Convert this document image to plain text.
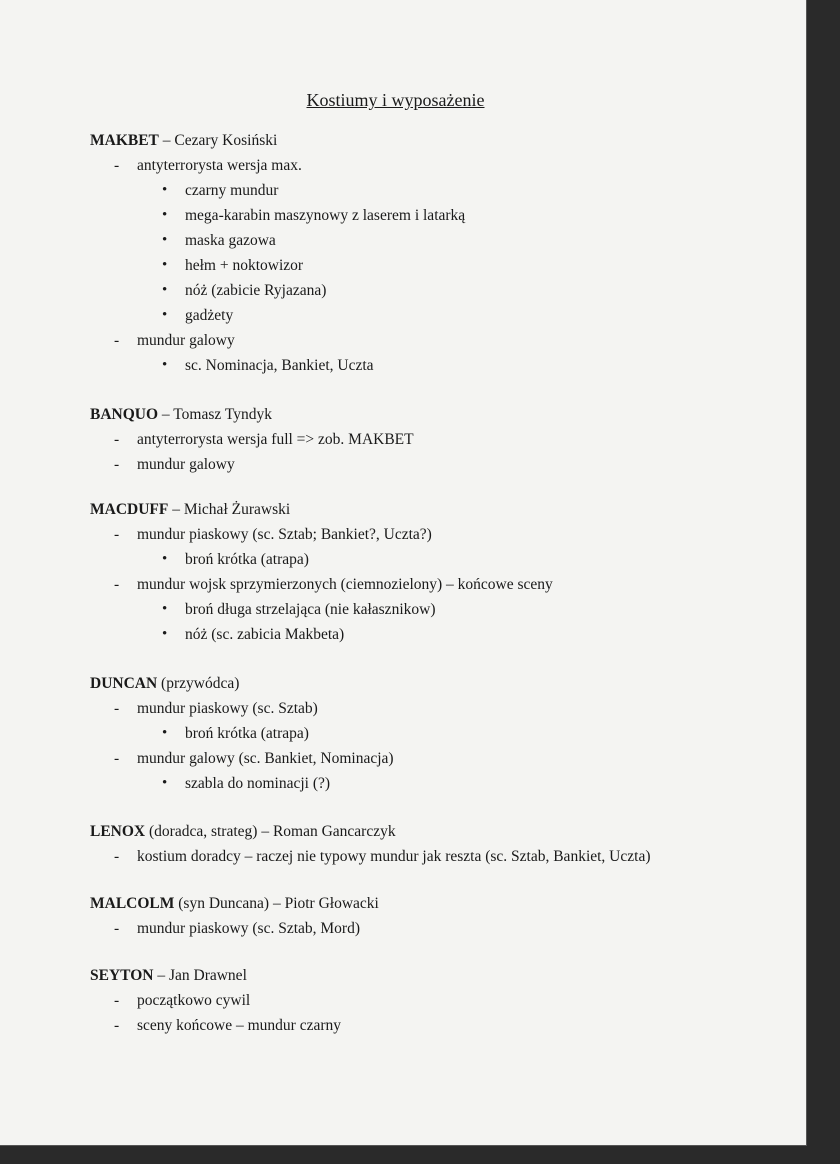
Kostiumy i wyposażenie
MAKBET – Cezary Kosiński
- antyterrorysta wersja max.
• czarny mundur
• mega-karabin maszynowy z laserem i latarką
• maska gazowa
• hełm + noktowizor
• nóż (zabicie Ryjazana)
• gadżety
- mundur galowy
• sc. Nominacja, Bankiet, Uczta
BANQUO – Tomasz Tyndyk
- antyterrorysta wersja full => zob. MAKBET
- mundur galowy
MACDUFF – Michał Żurawski
- mundur piaskowy (sc. Sztab; Bankiet?, Uczta?)
• broń krótka (atrapa)
- mundur wojsk sprzymierzonych (ciemnozielony) – końcowe sceny
• broń długa strzelająca (nie kałasznikow)
• nóż (sc. zabicia Makbeta)
DUNCAN (przywódca)
- mundur piaskowy (sc. Sztab)
• broń krótka (atrapa)
- mundur galowy (sc. Bankiet, Nominacja)
• szabla do nominacji (?)
LENOX (doradca, strateg) – Roman Gancarczyk
- kostium doradcy – raczej nie typowy mundur jak reszta (sc. Sztab, Bankiet, Uczta)
MALCOLM (syn Duncana) – Piotr Głowacki
- mundur piaskowy (sc. Sztab, Mord)
SEYTON – Jan Drawnel
- początkowo cywil
- sceny końcowe – mundur czarny
